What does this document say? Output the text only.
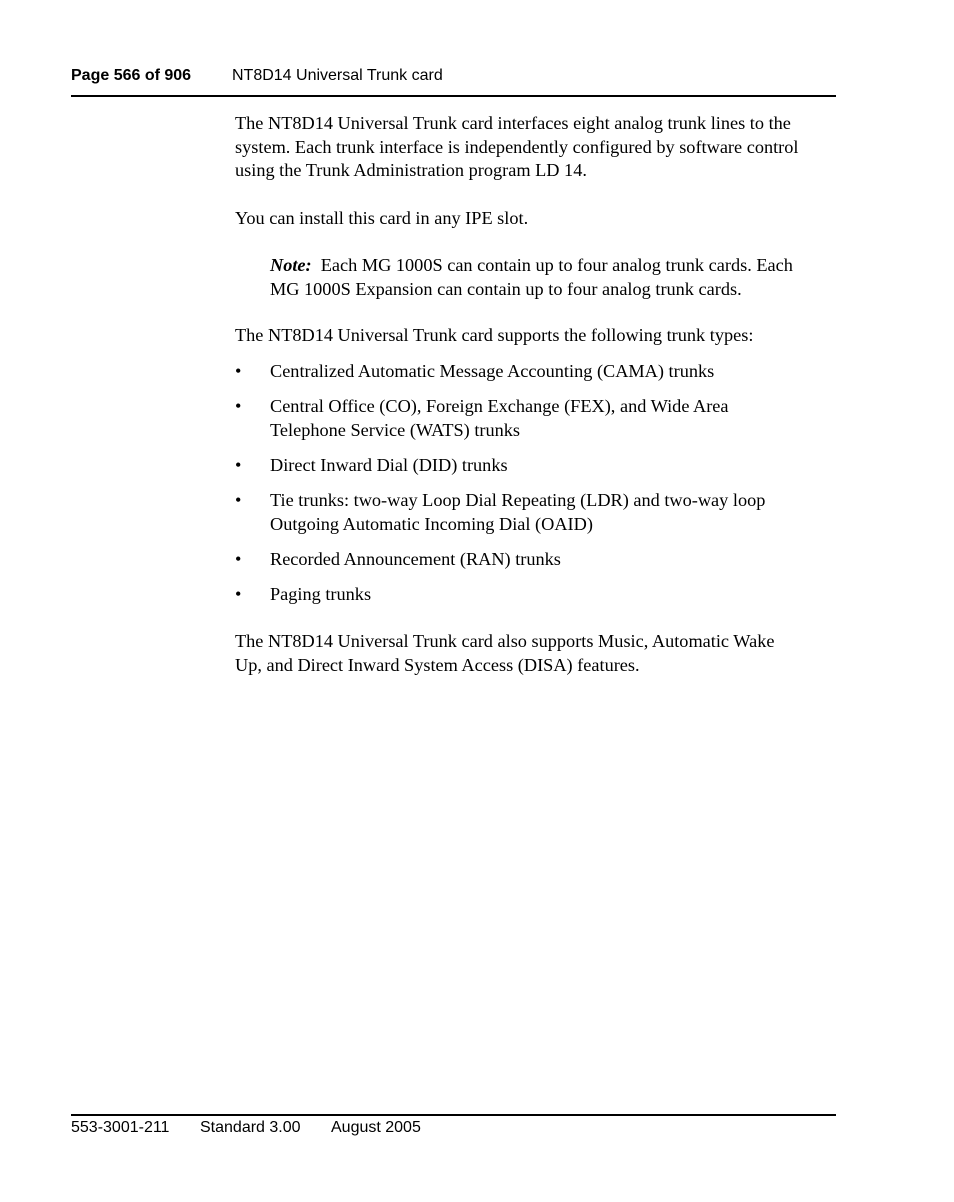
Page 566 of 906	NT8D14 Universal Trunk card
The NT8D14 Universal Trunk card interfaces eight analog trunk lines to the
system. Each trunk interface is independently configured by software control
using the Trunk Administration program LD 14.
You can install this card in any IPE slot.
Note: Each MG 1000S can contain up to four analog trunk cards. Each
MG 1000S Expansion can contain up to four analog trunk cards.
The NT8D14 Universal Trunk card supports the following trunk types:
• Centralized Automatic Message Accounting (CAMA) trunks
• Central Office (CO), Foreign Exchange (FEX), and Wide Area
Telephone Service (WATS) trunks
• Direct Inward Dial (DID) trunks
• Tie trunks: two-way Loop Dial Repeating (LDR) and two-way loop
Outgoing Automatic Incoming Dial (OAID)
• Recorded Announcement (RAN) trunks
• Paging trunks
The NT8D14 Universal Trunk card also supports Music, Automatic Wake
Up, and Direct Inward System Access (DISA) features.
553-3001-211 Standard 3.00 August 2005
